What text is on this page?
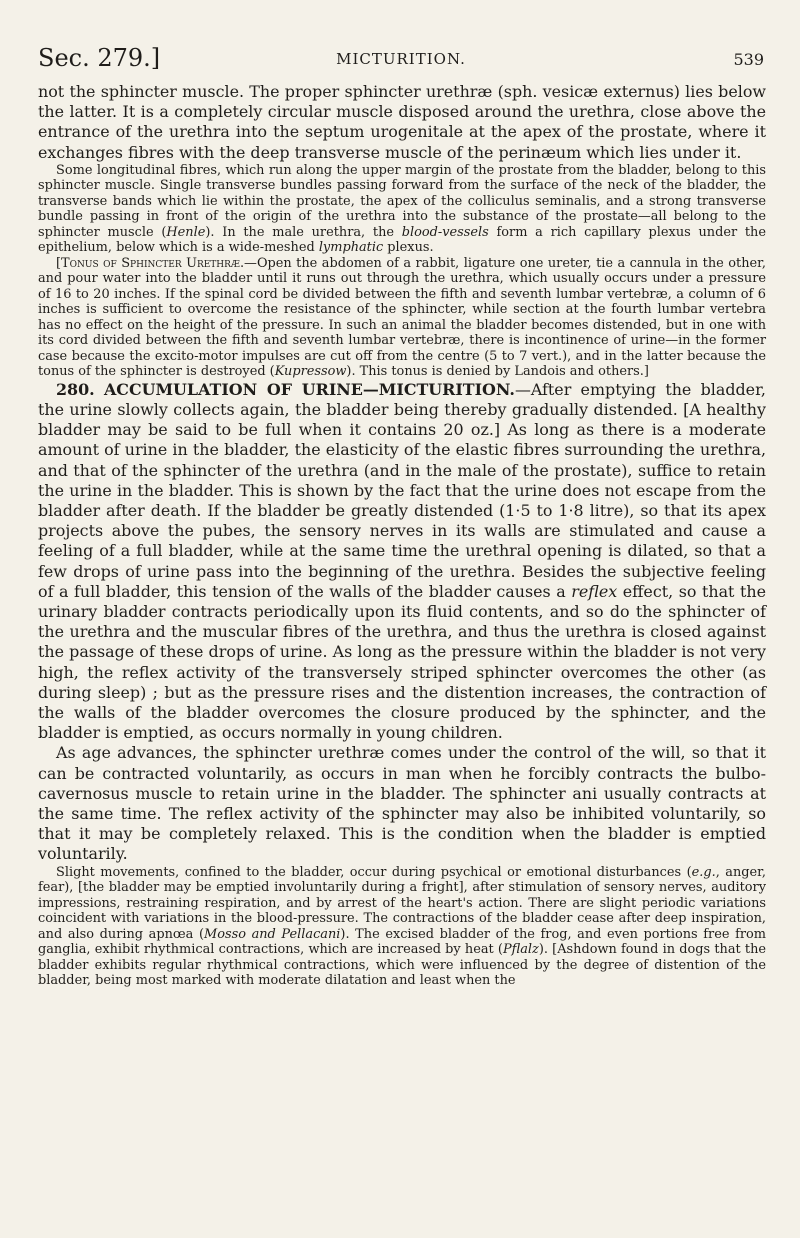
Sec. 279.]	MICTURITION.	539

not the sphincter muscle. The proper sphincter urethræ (sph. vesicæ externus) lies below the latter. It is a completely circular muscle disposed around the urethra, close above the entrance of the urethra into the septum urogenitale at the apex of the prostate, where it exchanges fibres with the deep transverse muscle of the perinæum which lies under it.

Some longitudinal fibres, which run along the upper margin of the prostate from the bladder, belong to this sphincter muscle. Single transverse bundles passing forward from the surface of the neck of the bladder, the transverse bands which lie within the prostate, the apex of the colliculus seminalis, and a strong transverse bundle passing in front of the origin of the urethra into the substance of the prostate—all belong to the sphincter muscle (Henle). In the male urethra, the blood-vessels form a rich capillary plexus under the epithelium, below which is a wide-meshed lymphatic plexus.

[Tonus of Sphincter Urethræ.—Open the abdomen of a rabbit, ligature one ureter, tie a cannula in the other, and pour water into the bladder until it runs out through the urethra, which usually occurs under a pressure of 16 to 20 inches. If the spinal cord be divided between the fifth and seventh lumbar vertebræ, a column of 6 inches is sufficient to overcome the resistance of the sphincter, while section at the fourth lumbar vertebra has no effect on the height of the pressure. In such an animal the bladder becomes distended, but in one with its cord divided between the fifth and seventh lumbar vertebræ, there is incontinence of urine—in the former case because the excito-motor impulses are cut off from the centre (5 to 7 vert.), and in the latter because the tonus of the sphincter is destroyed (Kupressow). This tonus is denied by Landois and others.]

280. ACCUMULATION OF URINE—MICTURITION.—After emptying the bladder, the urine slowly collects again, the bladder being thereby gradually distended. [A healthy bladder may be said to be full when it contains 20 oz.] As long as there is a moderate amount of urine in the bladder, the elasticity of the elastic fibres surrounding the urethra, and that of the sphincter of the urethra (and in the male of the prostate), suffice to retain the urine in the bladder. This is shown by the fact that the urine does not escape from the bladder after death. If the bladder be greatly distended (1·5 to 1·8 litre), so that its apex projects above the pubes, the sensory nerves in its walls are stimulated and cause a feeling of a full bladder, while at the same time the urethral opening is dilated, so that a few drops of urine pass into the beginning of the urethra. Besides the subjective feeling of a full bladder, this tension of the walls of the bladder causes a reflex effect, so that the urinary bladder contracts periodically upon its fluid contents, and so do the sphincter of the urethra and the muscular fibres of the urethra, and thus the urethra is closed against the passage of these drops of urine. As long as the pressure within the bladder is not very high, the reflex activity of the transversely striped sphincter overcomes the other (as during sleep) ; but as the pressure rises and the distention increases, the contraction of the walls of the bladder overcomes the closure produced by the sphincter, and the bladder is emptied, as occurs normally in young children.

As age advances, the sphincter urethræ comes under the control of the will, so that it can be contracted voluntarily, as occurs in man when he forcibly contracts the bulbo-cavernosus muscle to retain urine in the bladder. The sphincter ani usually contracts at the same time. The reflex activity of the sphincter may also be inhibited voluntarily, so that it may be completely relaxed. This is the condition when the bladder is emptied voluntarily.

Slight movements, confined to the bladder, occur during psychical or emotional disturbances (e.g., anger, fear), [the bladder may be emptied involuntarily during a fright], after stimulation of sensory nerves, auditory impressions, restraining respiration, and by arrest of the heart's action. There are slight periodic variations coincident with variations in the blood-pressure. The contractions of the bladder cease after deep inspiration, and also during apnœa (Mosso and Pellacani). The excised bladder of the frog, and even portions free from ganglia, exhibit rhythmical contractions, which are increased by heat (Pflalz). [Ashdown found in dogs that the bladder exhibits regular rhythmical contractions, which were influenced by the degree of distention of the bladder, being most marked with moderate dilatation and least when the
